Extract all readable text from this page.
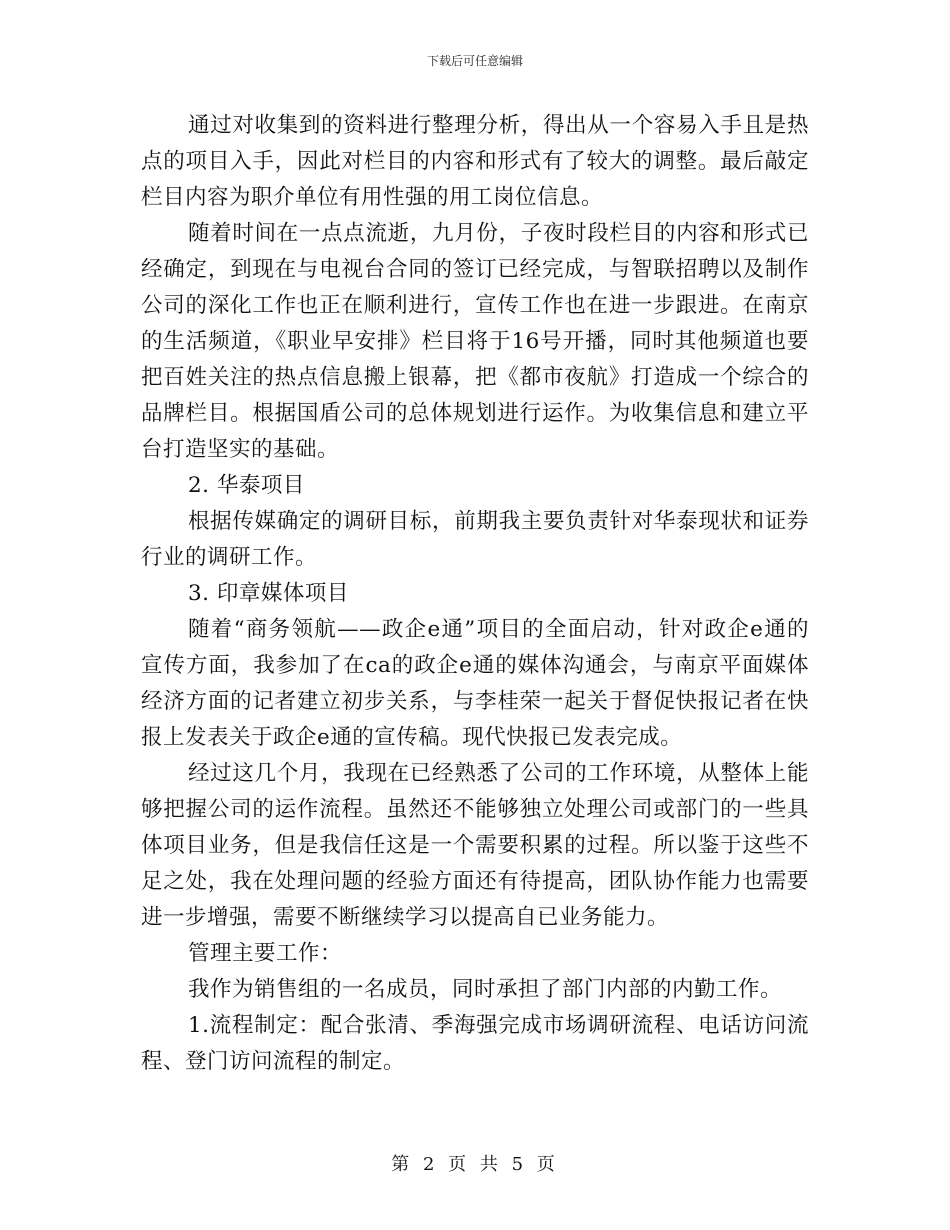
下载后可任意编辑

通过对收集到的资料进行整理分析，得出从一个容易入手且是热点的项目入手，因此对栏目的内容和形式有了较大的调整。最后敲定栏目内容为职介单位有用性强的用工岗位信息。

随着时间在一点点流逝，九月份，子夜时段栏目的内容和形式已经确定，到现在与电视台合同的签订已经完成，与智联招聘以及制作公司的深化工作也正在顺利进行，宣传工作也在进一步跟进。在南京的生活频道，《职业早安排》栏目将于16号开播，同时其他频道也要把百姓关注的热点信息搬上银幕，把《都市夜航》打造成一个综合的品牌栏目。根据国盾公司的总体规划进行运作。为收集信息和建立平台打造坚实的基础。

2. 华泰项目

根据传媒确定的调研目标，前期我主要负责针对华泰现状和证券行业的调研工作。

3. 印章媒体项目

随着“商务领航——政企e通”项目的全面启动，针对政企e通的宣传方面，我参加了在ca的政企e通的媒体沟通会，与南京平面媒体经济方面的记者建立初步关系，与李桂荣一起关于督促快报记者在快报上发表关于政企e通的宣传稿。现代快报已发表完成。

经过这几个月，我现在已经熟悉了公司的工作环境，从整体上能够把握公司的运作流程。虽然还不能够独立处理公司或部门的一些具体项目业务，但是我信任这是一个需要积累的过程。所以鉴于这些不足之处，我在处理问题的经验方面还有待提高，团队协作能力也需要进一步增强，需要不断继续学习以提高自已业务能力。

管理主要工作：

我作为销售组的一名成员，同时承担了部门内部的内勤工作。

1.流程制定：配合张清、季海强完成市场调研流程、电话访问流程、登门访问流程的制定。

第 2 页 共 5 页
